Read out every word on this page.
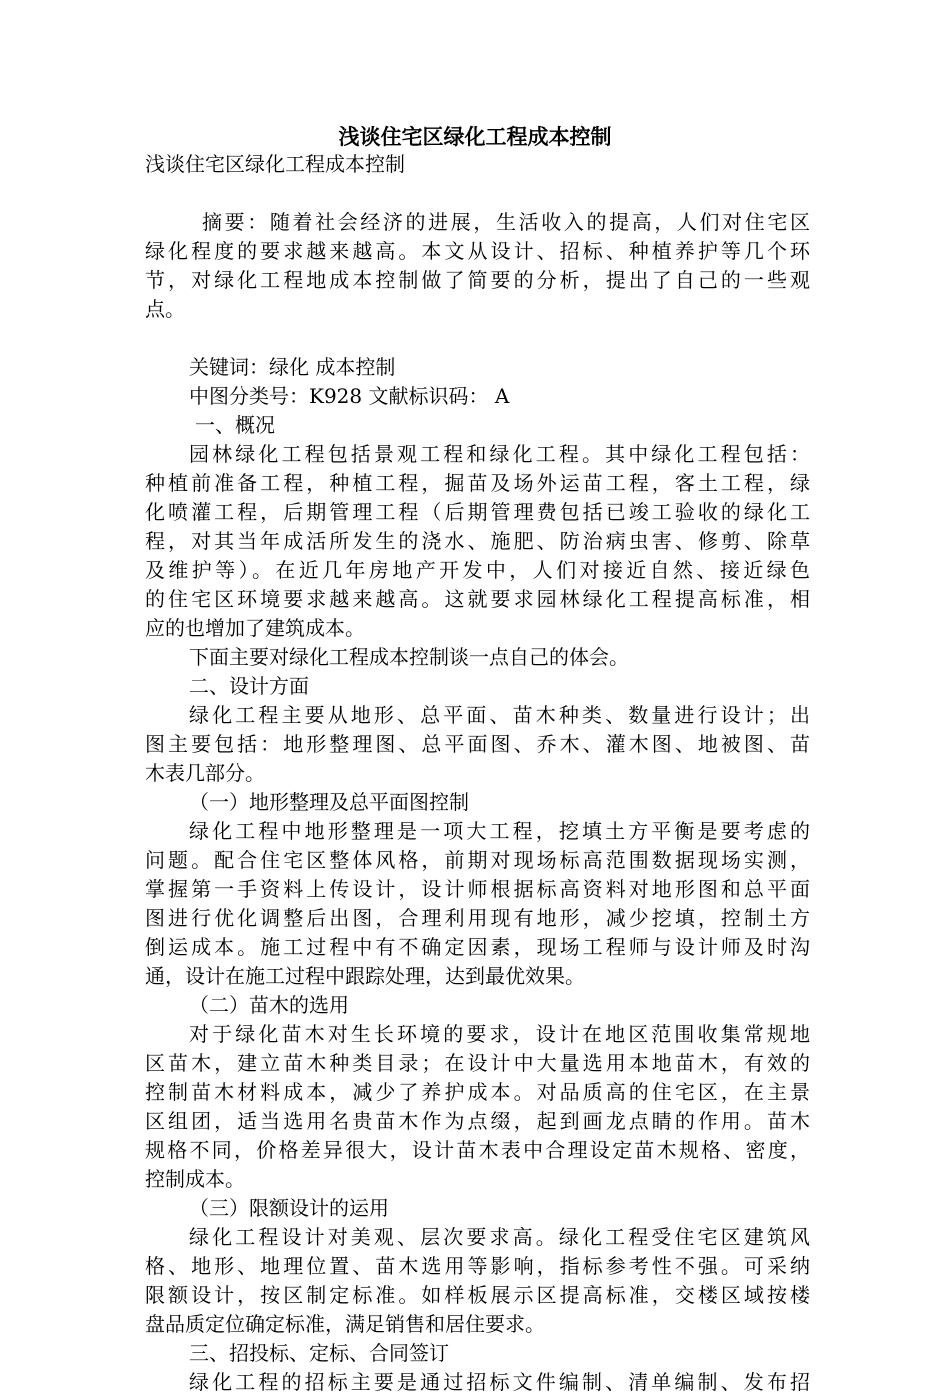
浅谈住宅区绿化工程成本控制
浅谈住宅区绿化工程成本控制
摘要：随着社会经济的进展，生活收入的提高，人们对住宅区
绿化程度的要求越来越高。本文从设计、招标、种植养护等几个环
节，对绿化工程地成本控制做了简要的分析，提出了自己的一些观
点。
关键词：绿化 成本控制
中图分类号：K928 文献标识码： A
一、概况
园林绿化工程包括景观工程和绿化工程。其中绿化工程包括：
种植前准备工程，种植工程，掘苗及场外运苗工程，客土工程，绿
化喷灌工程，后期管理工程（后期管理费包括已竣工验收的绿化工
程，对其当年成活所发生的浇水、施肥、防治病虫害、修剪、除草
及维护等）。在近几年房地产开发中，人们对接近自然、接近绿色
的住宅区环境要求越来越高。这就要求园林绿化工程提高标准，相
应的也增加了建筑成本。
下面主要对绿化工程成本控制谈一点自己的体会。
二、设计方面
绿化工程主要从地形、总平面、苗木种类、数量进行设计；出
图主要包括：地形整理图、总平面图、乔木、灌木图、地被图、苗
木表几部分。
（一）地形整理及总平面图控制
绿化工程中地形整理是一项大工程，挖填土方平衡是要考虑的
问题。配合住宅区整体风格，前期对现场标高范围数据现场实测，
掌握第一手资料上传设计，设计师根据标高资料对地形图和总平面
图进行优化调整后出图，合理利用现有地形，减少挖填，控制土方
倒运成本。施工过程中有不确定因素，现场工程师与设计师及时沟
通，设计在施工过程中跟踪处理，达到最优效果。
（二）苗木的选用
对于绿化苗木对生长环境的要求，设计在地区范围收集常规地
区苗木，建立苗木种类目录；在设计中大量选用本地苗木，有效的
控制苗木材料成本，减少了养护成本。对品质高的住宅区，在主景
区组团，适当选用名贵苗木作为点缀，起到画龙点睛的作用。苗木
规格不同，价格差异很大，设计苗木表中合理设定苗木规格、密度，
控制成本。
（三）限额设计的运用
绿化工程设计对美观、层次要求高。绿化工程受住宅区建筑风
格、地形、地理位置、苗木选用等影响，指标参考性不强。可采纳
限额设计，按区制定标准。如样板展示区提高标准，交楼区域按楼
盘品质定位确定标准，满足销售和居住要求。
三、招投标、定标、合同签订
绿化工程的招标主要是通过招标文件编制、清单编制、发布招
